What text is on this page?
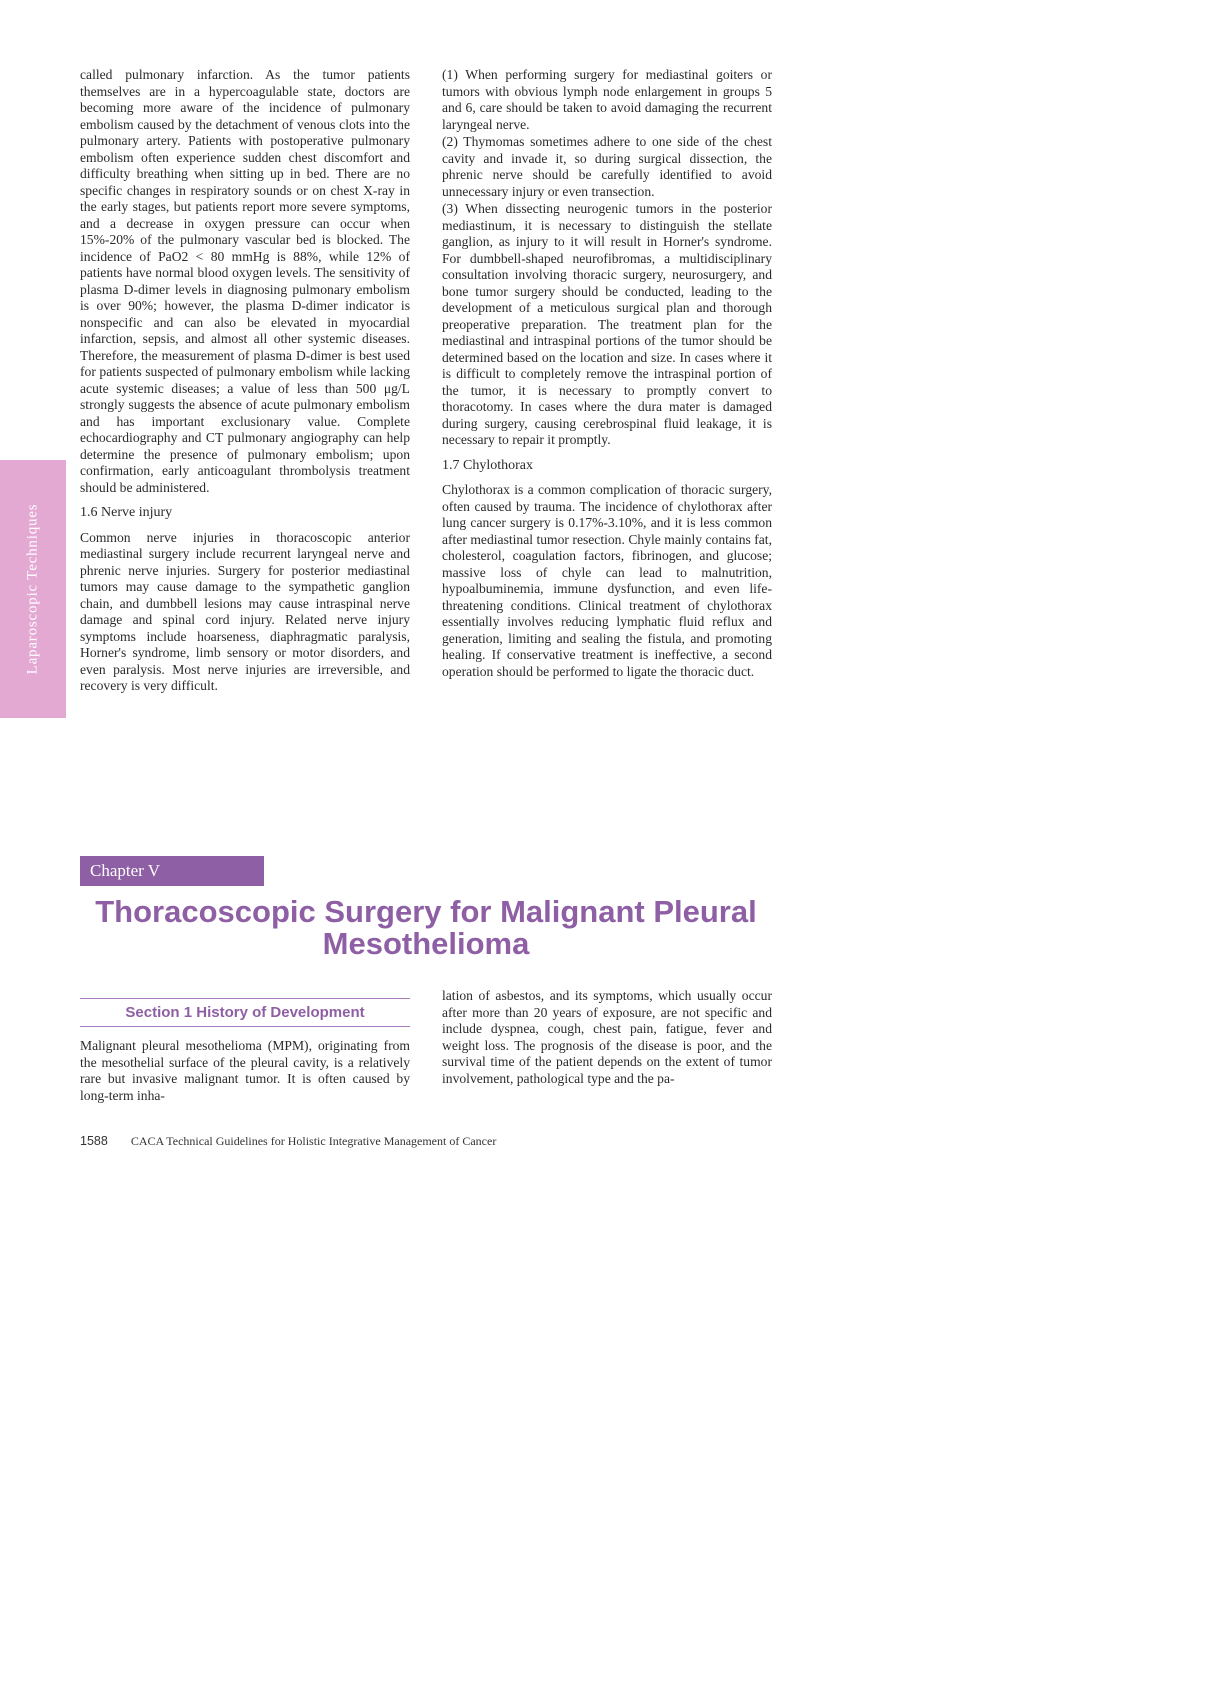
Laparoscopic Techniques

called pulmonary infarction. As the tumor patients themselves are in a hypercoagulable state, doctors are becoming more aware of the incidence of pulmonary embolism caused by the detachment of venous clots into the pulmonary artery. Patients with postoperative pulmonary embolism often experience sudden chest discomfort and difficulty breathing when sitting up in bed. There are no specific changes in respiratory sounds or on chest X-ray in the early stages, but patients report more severe symptoms, and a decrease in oxygen pressure can occur when 15%-20% of the pulmonary vascular bed is blocked. The incidence of PaO2 < 80 mmHg is 88%, while 12% of patients have normal blood oxygen levels. The sensitivity of plasma D-dimer levels in diagnosing pulmonary embolism is over 90%; however, the plasma D-dimer indicator is nonspecific and can also be elevated in myocardial infarction, sepsis, and almost all other systemic diseases. Therefore, the measurement of plasma D-dimer is best used for patients suspected of pulmonary embolism while lacking acute systemic diseases; a value of less than 500 μg/L strongly suggests the absence of acute pulmonary embolism and has important exclusionary value. Complete echocardiography and CT pulmonary angiography can help determine the presence of pulmonary embolism; upon confirmation, early anticoagulant thrombolysis treatment should be administered.

1.6 Nerve injury

Common nerve injuries in thoracoscopic anterior mediastinal surgery include recurrent laryngeal nerve and phrenic nerve injuries. Surgery for posterior mediastinal tumors may cause damage to the sympathetic ganglion chain, and dumbbell lesions may cause intraspinal nerve damage and spinal cord injury. Related nerve injury symptoms include hoarseness, diaphragmatic paralysis, Horner's syndrome, limb sensory or motor disorders, and even paralysis. Most nerve injuries are irreversible, and recovery is very difficult.

(1) When performing surgery for mediastinal goiters or tumors with obvious lymph node enlargement in groups 5 and 6, care should be taken to avoid damaging the recurrent laryngeal nerve.

(2) Thymomas sometimes adhere to one side of the chest cavity and invade it, so during surgical dissection, the phrenic nerve should be carefully identified to avoid unnecessary injury or even transection.

(3) When dissecting neurogenic tumors in the posterior mediastinum, it is necessary to distinguish the stellate ganglion, as injury to it will result in Horner's syndrome. For dumbbell-shaped neurofibromas, a multidisciplinary consultation involving thoracic surgery, neurosurgery, and bone tumor surgery should be conducted, leading to the development of a meticulous surgical plan and thorough preoperative preparation. The treatment plan for the mediastinal and intraspinal portions of the tumor should be determined based on the location and size. In cases where it is difficult to completely remove the intraspinal portion of the tumor, it is necessary to promptly convert to thoracotomy. In cases where the dura mater is damaged during surgery, causing cerebrospinal fluid leakage, it is necessary to repair it promptly.

1.7 Chylothorax

Chylothorax is a common complication of thoracic surgery, often caused by trauma. The incidence of chylothorax after lung cancer surgery is 0.17%-3.10%, and it is less common after mediastinal tumor resection. Chyle mainly contains fat, cholesterol, coagulation factors, fibrinogen, and glucose; massive loss of chyle can lead to malnutrition, hypoalbuminemia, immune dysfunction, and even life-threatening conditions. Clinical treatment of chylothorax essentially involves reducing lymphatic fluid reflux and generation, limiting and sealing the fistula, and promoting healing. If conservative treatment is ineffective, a second operation should be performed to ligate the thoracic duct.

Chapter V
Thoracoscopic Surgery for Malignant Pleural Mesothelioma
Section 1 History of Development

Malignant pleural mesothelioma (MPM), originating from the mesothelial surface of the pleural cavity, is a relatively rare but invasive malignant tumor. It is often caused by long-term inha-

lation of asbestos, and its symptoms, which usually occur after more than 20 years of exposure, are not specific and include dyspnea, cough, chest pain, fatigue, fever and weight loss. The prognosis of the disease is poor, and the survival time of the patient depends on the extent of tumor involvement, pathological type and the pa-

1588 CACA Technical Guidelines for Holistic Integrative Management of Cancer
